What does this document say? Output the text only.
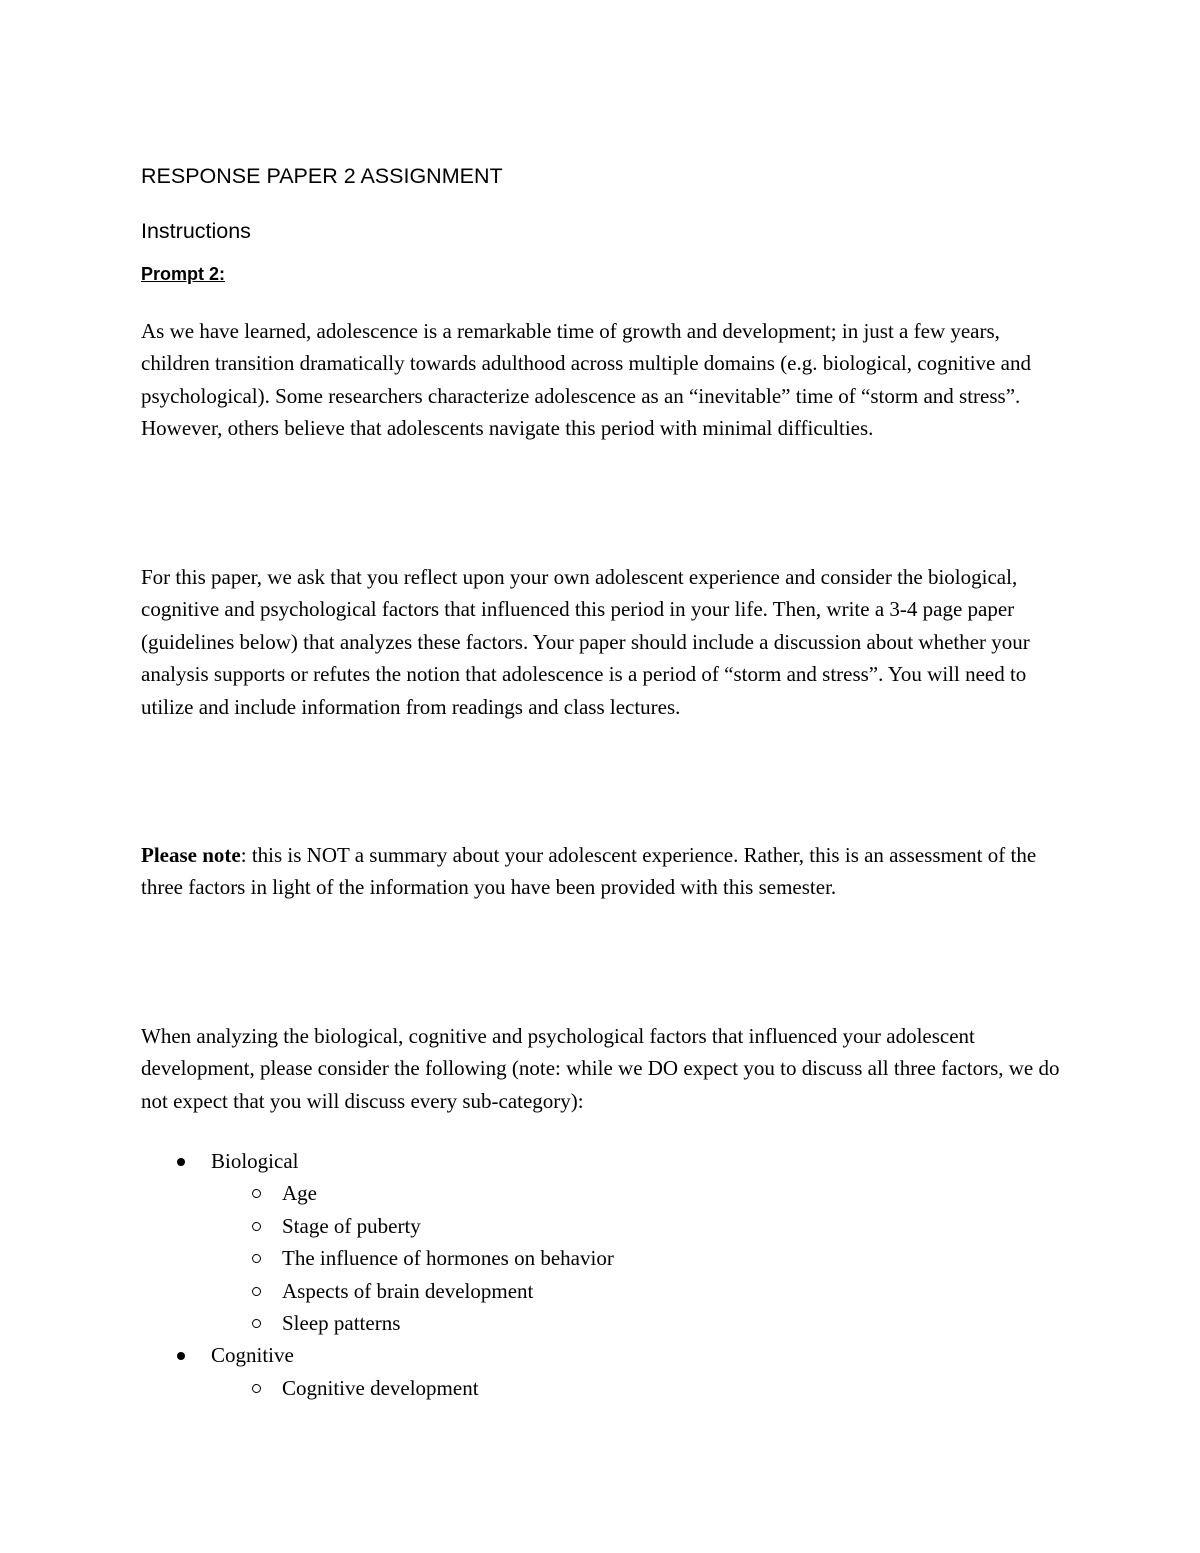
RESPONSE PAPER 2 ASSIGNMENT
Instructions

Prompt 2:

As we have learned, adolescence is a remarkable time of growth and development; in just a few years, children transition dramatically towards adulthood across multiple domains (e.g. biological, cognitive and psychological). Some researchers characterize adolescence as an “inevitable” time of “storm and stress”. However, others believe that adolescents navigate this period with minimal difficulties.

For this paper, we ask that you reflect upon your own adolescent experience and consider the biological, cognitive and psychological factors that influenced this period in your life. Then, write a 3-4 page paper (guidelines below) that analyzes these factors. Your paper should include a discussion about whether your analysis supports or refutes the notion that adolescence is a period of “storm and stress”. You will need to utilize and include information from readings and class lectures.

Please note: this is NOT a summary about your adolescent experience. Rather, this is an assessment of the three factors in light of the information you have been provided with this semester.

When analyzing the biological, cognitive and psychological factors that influenced your adolescent development, please consider the following (note: while we DO expect you to discuss all three factors, we do not expect that you will discuss every sub-category):

Biological
Age
Stage of puberty
The influence of hormones on behavior
Aspects of brain development
Sleep patterns
Cognitive
Cognitive development
